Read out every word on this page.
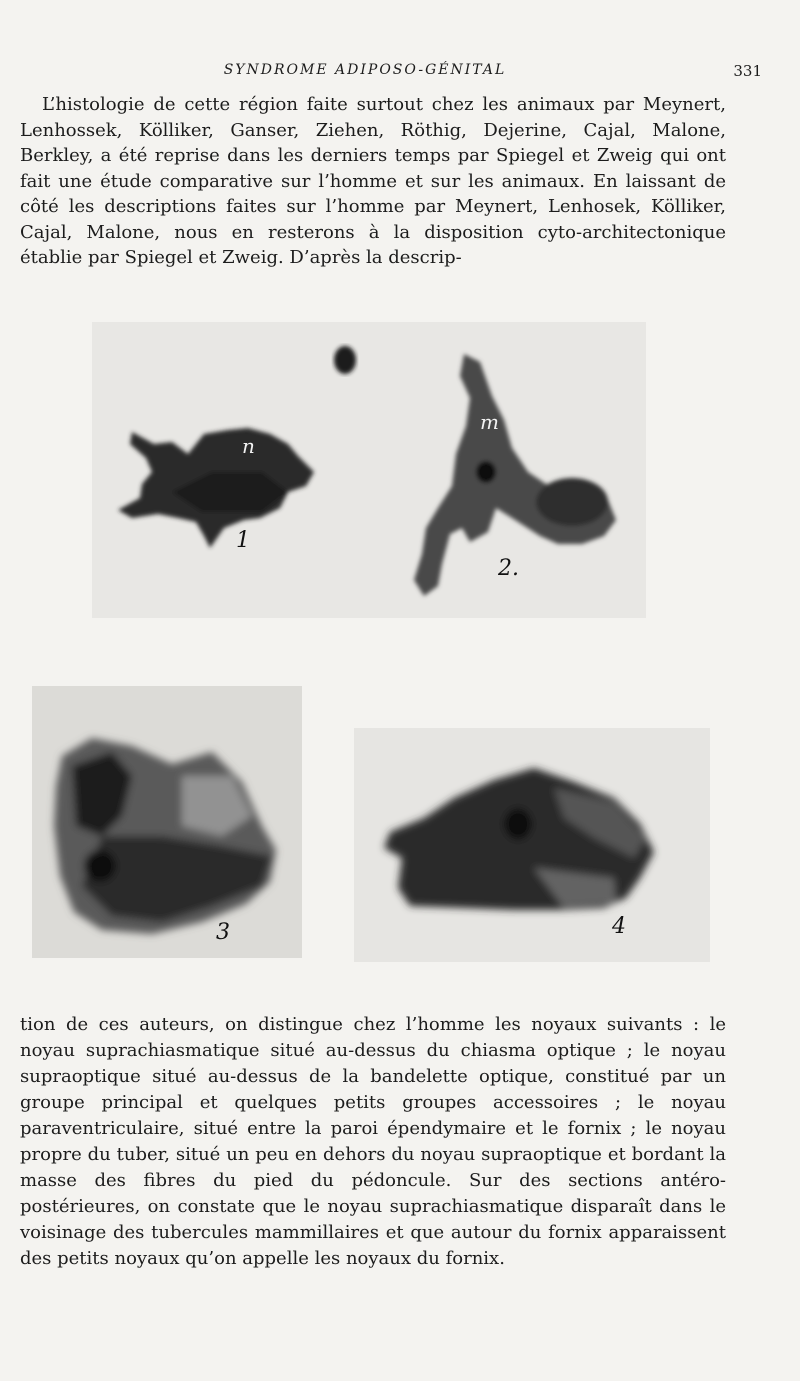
SYNDROME ADIPOSO-GÉNITAL	331

L’histologie de cette région faite surtout chez les animaux par Meynert, Lenhossek, Kölliker, Ganser, Ziehen, Röthig, Dejerine, Cajal, Malone, Berkley, a été reprise dans les derniers temps par Spiegel et Zweig qui ont fait une étude comparative sur l’homme et sur les animaux. En laissant de côté les descriptions faites sur l’homme par Meynert, Lenhosek, Kölliker, Cajal, Malone, nous en resterons à la disposition cyto-architectonique établie par Spiegel et Zweig. D’après la descrip-

n
1
m
2.
3	4

tion de ces auteurs, on distingue chez l’homme les noyaux suivants : le noyau suprachiasmatique situé au-dessus du chiasma optique ; le noyau supraoptique situé au-dessus de la bandelette optique, constitué par un groupe principal et quelques petits groupes accessoires ; le noyau paraventriculaire, situé entre la paroi épendymaire et le fornix ; le noyau propre du tuber, situé un peu en dehors du noyau supraoptique et bordant la masse des fibres du pied du pédoncule. Sur des sections antéro-postérieures, on constate que le noyau suprachiasmatique disparaît dans le voisinage des tubercules mammillaires et que autour du fornix apparaissent des petits noyaux qu’on appelle les noyaux du fornix.
